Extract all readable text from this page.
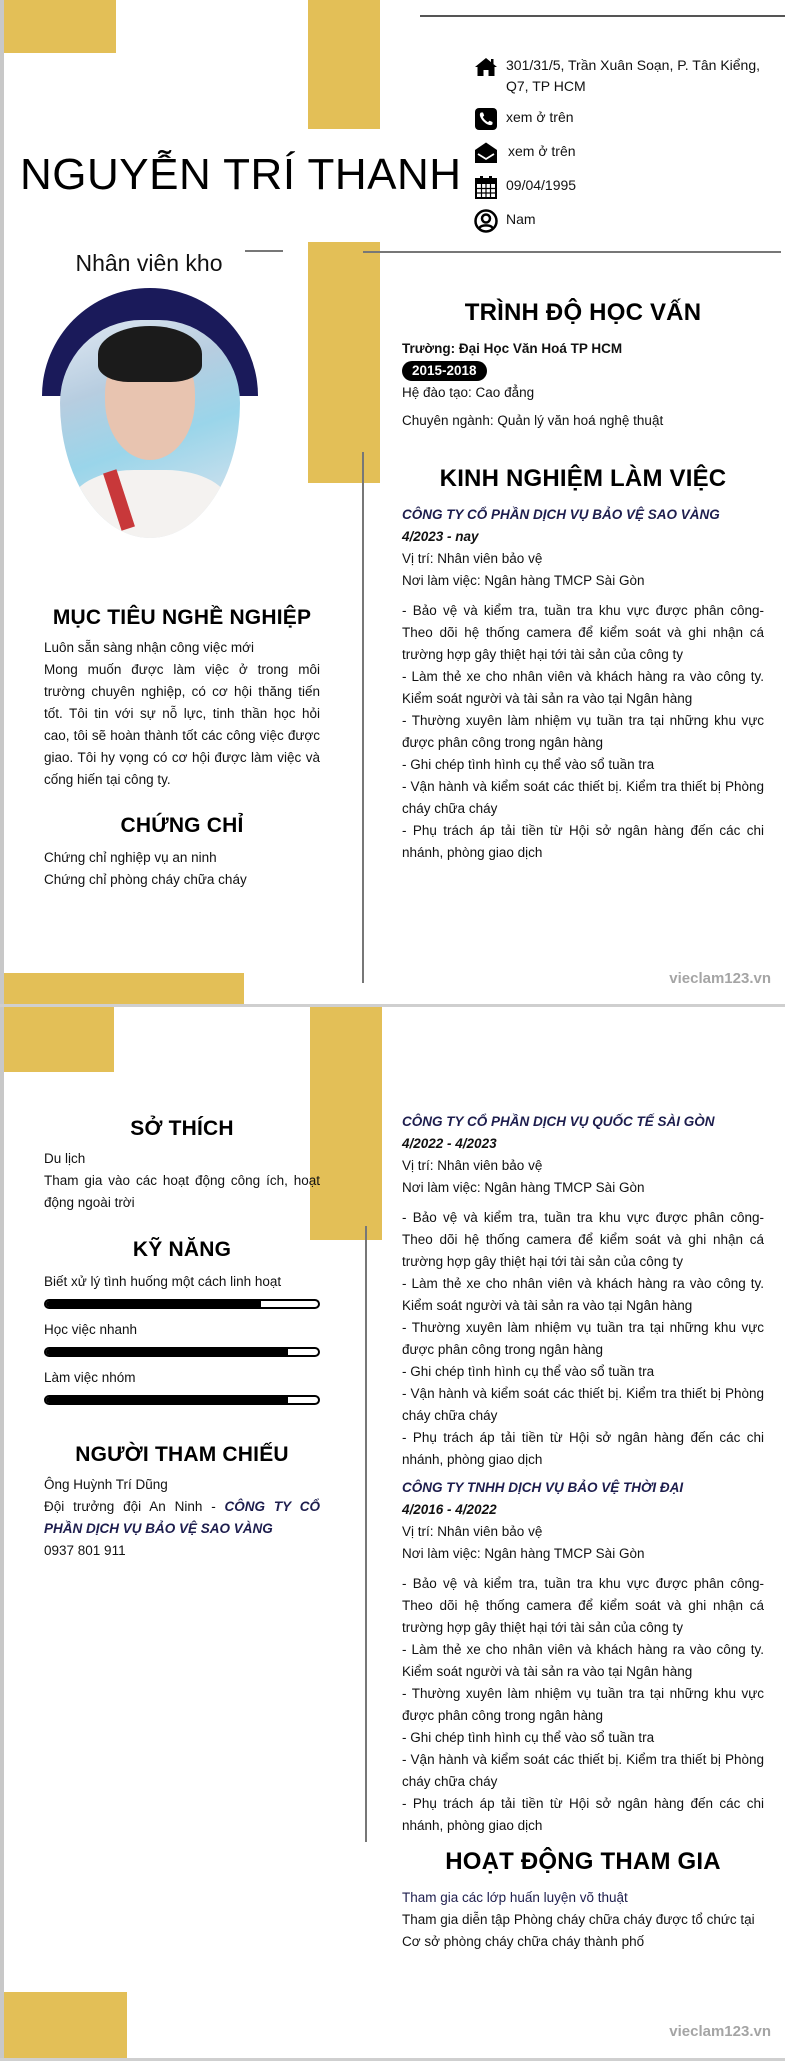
NGUYỄN TRÍ THANH
301/31/5, Trần Xuân Soạn, P. Tân Kiểng, Q7, TP HCM
xem ở trên
xem ở trên
09/04/1995
Nam
Nhân viên kho
MỤC TIÊU NGHỀ NGHIỆP
Luôn sẵn sàng nhận công việc mới
Mong muốn được làm việc ở trong môi trường chuyên nghiệp, có cơ hội thăng tiến tốt. Tôi tin với sự nỗ lực, tinh thần học hỏi cao, tôi sẽ hoàn thành tốt các công việc được giao. Tôi hy vọng có cơ hội được làm việc và cống hiến tại công ty.
CHỨNG CHỈ
Chứng chỉ nghiệp vụ an ninh
Chứng chỉ phòng cháy chữa cháy
TRÌNH ĐỘ HỌC VẤN
Trường: Đại Học Văn Hoá TP HCM
2015-2018
Hệ đào tạo: Cao đẳng
Chuyên ngành: Quản lý văn hoá nghệ thuật
KINH NGHIỆM LÀM VIỆC
CÔNG TY CỔ PHẦN DỊCH VỤ BẢO VỆ SAO VÀNG
4/2023 - nay
Vị trí: Nhân viên bảo vệ
Nơi làm việc: Ngân hàng TMCP Sài Gòn
- Bảo vệ và kiểm tra, tuần tra khu vực được phân công- Theo dõi hệ thống camera để kiểm soát và ghi nhận cá trường hợp gây thiệt hại tới tài sản của công ty
- Làm thẻ xe cho nhân viên và khách hàng ra vào công ty. Kiểm soát người và tài sản ra vào tại Ngân hàng
- Thường xuyên làm nhiệm vụ tuần tra tại những khu vực được phân công trong ngân hàng
- Ghi chép tình hình cụ thể vào sổ tuần tra
- Vận hành và kiểm soát các thiết bị. Kiểm tra thiết bị Phòng cháy chữa cháy
- Phụ trách áp tải tiền từ Hội sở ngân hàng đến các chi nhánh, phòng giao dịch
vieclam123.vn
SỞ THÍCH
Du lịch
Tham gia vào các hoạt động công ích, hoạt động ngoài trời
KỸ NĂNG
Biết xử lý tình huống một cách linh hoạt
Học việc nhanh
Làm việc nhóm
NGƯỜI THAM CHIẾU
Ông Huỳnh Trí Dũng
Đội trưởng đội An Ninh - CÔNG TY CỔ PHẦN DỊCH VỤ BẢO VỆ SAO VÀNG
0937 801 911
CÔNG TY CỔ PHẦN DỊCH VỤ QUỐC TẾ SÀI GÒN
4/2022 - 4/2023
Vị trí: Nhân viên bảo vệ
Nơi làm việc: Ngân hàng TMCP Sài Gòn
- Bảo vệ và kiểm tra, tuần tra khu vực được phân công- Theo dõi hệ thống camera để kiểm soát và ghi nhận cá trường hợp gây thiệt hại tới tài sản của công ty
- Làm thẻ xe cho nhân viên và khách hàng ra vào công ty. Kiểm soát người và tài sản ra vào tại Ngân hàng
- Thường xuyên làm nhiệm vụ tuần tra tại những khu vực được phân công trong ngân hàng
- Ghi chép tình hình cụ thể vào sổ tuần tra
- Vận hành và kiểm soát các thiết bị. Kiểm tra thiết bị Phòng cháy chữa cháy
- Phụ trách áp tải tiền từ Hội sở ngân hàng đến các chi nhánh, phòng giao dịch
CÔNG TY TNHH DỊCH VỤ BẢO VỆ THỜI ĐẠI
4/2016 - 4/2022
Vị trí: Nhân viên bảo vệ
Nơi làm việc: Ngân hàng TMCP Sài Gòn
- Bảo vệ và kiểm tra, tuần tra khu vực được phân công- Theo dõi hệ thống camera để kiểm soát và ghi nhận cá trường hợp gây thiệt hại tới tài sản của công ty
- Làm thẻ xe cho nhân viên và khách hàng ra vào công ty. Kiểm soát người và tài sản ra vào tại Ngân hàng
- Thường xuyên làm nhiệm vụ tuần tra tại những khu vực được phân công trong ngân hàng
- Ghi chép tình hình cụ thể vào sổ tuần tra
- Vận hành và kiểm soát các thiết bị. Kiểm tra thiết bị Phòng cháy chữa cháy
- Phụ trách áp tải tiền từ Hội sở ngân hàng đến các chi nhánh, phòng giao dịch
HOẠT ĐỘNG THAM GIA
Tham gia các lớp huấn luyện võ thuật
Tham gia diễn tập Phòng cháy chữa cháy được tổ chức tại Cơ sở phòng cháy chữa cháy thành phố
vieclam123.vn
